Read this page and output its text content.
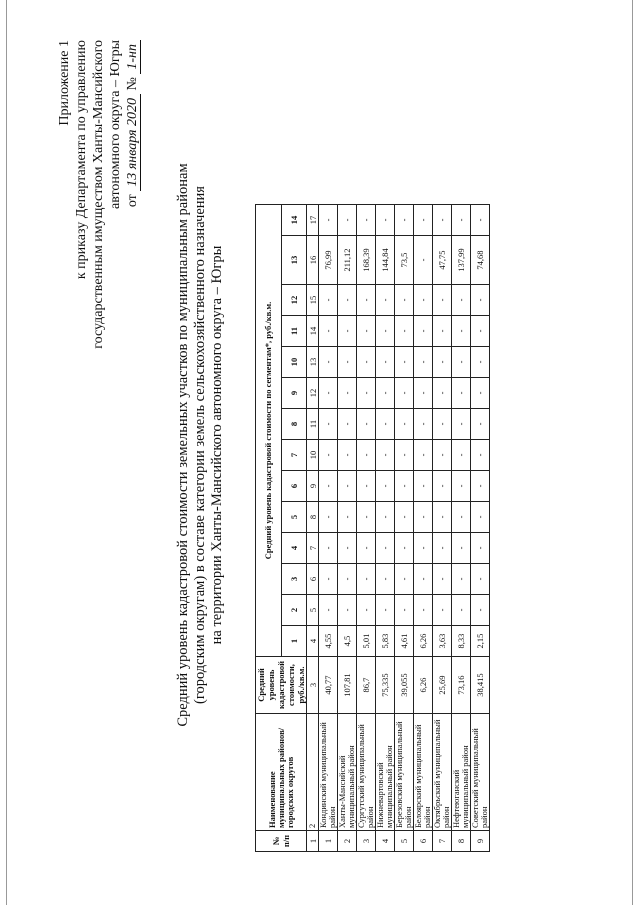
Приложение 1 к приказу Департамента по управлению государственным имуществом Ханты-Мансийского автономного округа – Югры от 13 января 2020 № 1-нп
Средний уровень кадастровой стоимости земельных участков по муниципальным районам (городским округам) в составе категории земель сельскохозяйственного назначения на территории Ханты-Мансийского автономного округа – Югры
№ п/п	Наименование муниципальных районов/городских округов	Средний уровень кадастровой стоимости, руб./кв.м.	Средний уровень кадастровой стоимости по сегментам*, руб./кв.м.													
			1	2	3	4	5	6	7	8	9	10	11	12	13	14
1	2	3	4	5	6	7	8	9	10	11	12	13	14	15	16	17
1	Кондинский муниципальный район	40,77	4,55	-	-	-	-	-	-	-	-	-	-	-	76,99	-
2	Ханты-Мансийский муниципальный район	107,81	4,5	-	-	-	-	-	-	-	-	-	-	-	211,12	-
3	Сургутский муниципальный район	86,7	5,01	-	-	-	-	-	-	-	-	-	-	-	168,39	-
4	Нижневартовский муниципальный район	75,335	5,83	-	-	-	-	-	-	-	-	-	-	-	144,84	-
5	Березовский муниципальный район	39,055	4,61	-	-	-	-	-	-	-	-	-	-	-	73,5	-
6	Белоярский муниципальный район	6,26	6,26	-	-	-	-	-	-	-	-	-	-	-	-	-
7	Октябрьский муниципальный район	25,69	3,63	-	-	-	-	-	-	-	-	-	-	-	47,75	-
8	Нефтеюганский муниципальный район	73,16	8,33	-	-	-	-	-	-	-	-	-	-	-	137,99	-
9	Советский муниципальный район	38,415	2,15	-	-	-	-	-	-	-	-	-	-	-	74,68	-
